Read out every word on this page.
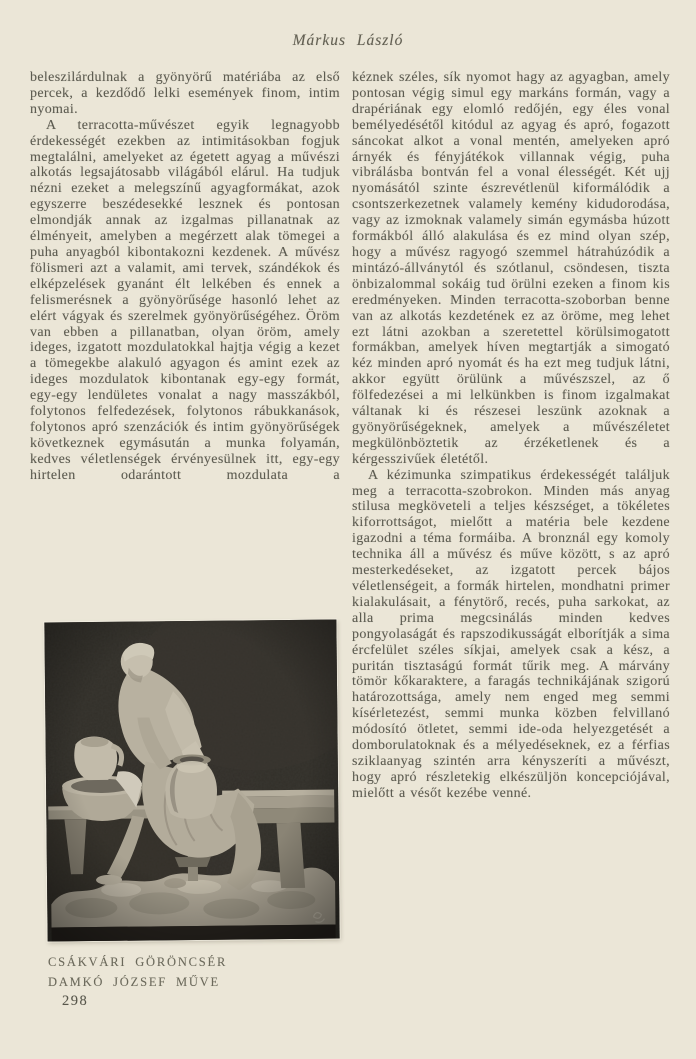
Márkus László

beleszilárdulnak a gyönyörű matériába az első percek, a kezdődő lelki események finom, intim nyomai.

A terracotta-művészet egyik legnagyobb érdekességét ezekben az intimitásokban fogjuk megtalálni, amelyeket az égetett agyag a művészi alkotás legsajátosabb világából elárul. Ha tudjuk nézni ezeket a melegszínű agyagformákat, azok egyszerre beszédesekké lesznek és pontosan elmondják annak az izgalmas pillanatnak az élményeit, amelyben a megérzett alak tömegei a puha anyagból kibontakozni kezdenek. A művész fölismeri azt a valamit, ami tervek, szándékok és elképzelések gyanánt élt lelkében és ennek a felismerésnek a gyönyörűsége hasonló lehet az elért vágyak és szerelmek gyönyörűségéhez. Öröm van ebben a pillanatban, olyan öröm, amely ideges, izgatott mozdulatokkal hajtja végig a kezet a tömegekbe alakuló agyagon és amint ezek az ideges mozdulatok kibontanak egy-egy formát, egy-egy lendületes vonalat a nagy masszákból, folytonos felfedezések, folytonos rábukkanások, folytonos apró szenzációk és intim gyönyörűségek következnek egymásután a munka folyamán, kedves véletlenségek érvényesülnek itt, egy-egy hirtelen odarántott mozdulata a

kéznek széles, sík nyomot hagy az agyagban, amely pontosan végig simul egy markáns formán, vagy a drapériának egy elomló redőjén, egy éles vonal bemélyedésétől kitódul az agyag és apró, fogazott sáncokat alkot a vonal mentén, amelyeken apró árnyék és fényjátékok villannak végig, puha vibrálásba bontván fel a vonal élességét. Két ujj nyomásától szinte észrevétlenül kiformálódik a csontszerkezetnek valamely kemény kidudorodása, vagy az izmoknak valamely simán egymásba húzott formákból álló alakulása és ez mind olyan szép, hogy a művész ragyogó szemmel hátrahúzódik a mintázó-állványtól és szótlanul, csöndesen, tiszta önbizalommal sokáig tud örülni ezeken a finom kis eredményeken. Minden terracotta-szoborban benne van az alkotás kezdetének ez az öröme, meg lehet ezt látni azokban a szeretettel körülsimogatott formákban, amelyek híven megtartják a simogató kéz minden apró nyomát és ha ezt meg tudjuk látni, akkor együtt örülünk a művészszel, az ő fölfedezései a mi lelkünkben is finom izgalmakat váltanak ki és részesei leszünk azoknak a gyönyörűségeknek, amelyek a művészéletet megkülönböztetik az érzéketlenek és a kérgesszivűek életétől.

A kézimunka szimpatikus érdekességét találjuk meg a terracotta-szobrokon. Minden más anyag stilusa megköveteli a teljes készséget, a tökéletes kiforrottságot, mielőtt a matéria bele kezdene igazodni a téma formáiba. A bronznál egy komoly technika áll a művész és műve között, s az apró mesterkedéseket, az izgatott percek bájos véletlenségeit, a formák hirtelen, mondhatni primer kialakulásait, a fénytörő, recés, puha sarkokat, az alla prima megcsinálás minden kedves pongyolaságát és rapszodikusságát elborítják a sima ércfelület széles síkjai, amelyek csak a kész, a puritán tisztaságú formát tűrik meg. A márvány tömör kőkaraktere, a faragás technikájának szigorú határozottsága, amely nem enged meg semmi kísérletezést, semmi munka közben felvillanó módosító ötletet, semmi ide-oda helyezgetését a domborulatoknak és a mélyedéseknek, ez a férfias sziklaanyag szintén arra kényszeríti a művészt, hogy apró részletekig elkészüljön koncepciójával, mielőtt a vésőt kezébe venné.

CSÁKVÁRI GÖRÖNCSÉR
DAMKÓ JÓZSEF MŰVE
298
